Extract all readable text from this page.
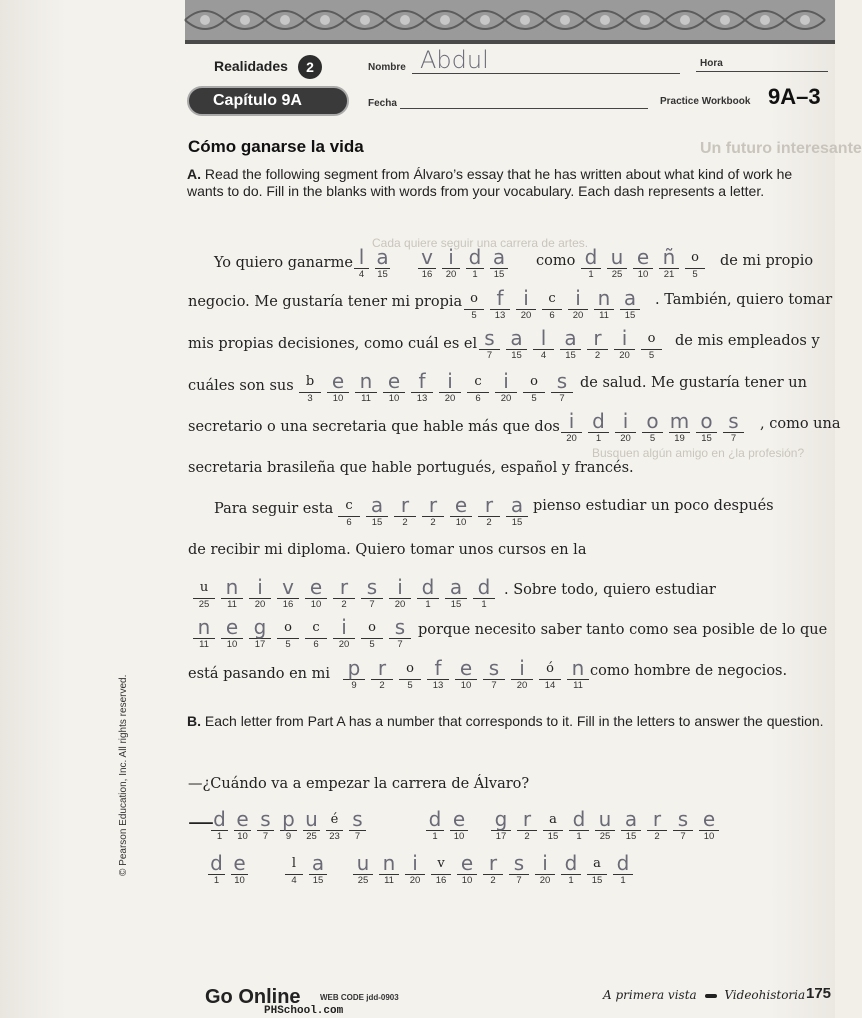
Un futuro interesante
Cada quiere seguir una carrera de artes.
Busquen algún amigo en ¿la profesión?
Realidades	2
Capítulo 9A
Nombre Abdul	Hora
Fecha	Practice Workbook 9A–3
Cómo ganarse la vida
A. Read the following segment from Álvaro’s essay that he has written about what kind of work he wants to do. Fill in the blanks with words from your vocabulary. Each dash represents a letter.
Yo quiero ganarme	como	de mi propio
negocio. Me gustaría tener mi propia	. También, quiero tomar
mis propias decisiones, como cuál es el	de mis empleados y
cuáles son sus	de salud. Me gustaría tener un
secretario o una secretaria que hable más que dos	, como una
secretaria brasileña que hable portugués, español y francés.
Para seguir esta	pienso estudiar un poco después
de recibir mi diploma. Quiero tomar unos cursos en la
. Sobre todo, quiero estudiar
porque necesito saber tanto como sea posible de lo que
está pasando en mi	como hombre de negocios.
l
4
a
15
v
16
i
20
d
1
a
15
d
1
u
25
e
10
ñ
21
o
5
o
5
f
13
i
20
c
6
i
20
n
11
a
15
s
7
a
15
l
4
a
15
r
2
i
20
o
5
b
3
e
10
n
11
e
10
f
13
i
20
c
6
i
20
o
5
s
7
i
20
d
1
i
20
o
5
m
19
o
15
s
7
c
6
a
15
r
2
r
2
e
10
r
2
a
15
u
25
n
11
i
20
v
16
e
10
r
2
s
7
i
20
d
1
a
15
d
1
n
11
e
10
g
17
o
5
c
6
i
20
o
5
s
7
p
9
r
2
o
5
f
13
e
10
s
7
i
20
ó
14
n
11
B. Each letter from Part A has a number that corresponds to it. Fill in the letters to answer the question.
—¿Cuándo va a empezar la carrera de Álvaro?
— d
1
e
10
s
7
p
9
u
25
é
23
s
7
d
1
e
10
g
17
r
2
a
15
d
1
u
25
a
15
r
2
s
7
e
10
d
1
e
10
l
4
a
15
u
25
n
11
i
20
v
16
e
10
r
2
s
7
i
20
d
1
a
15
d
1
© Pearson Education, Inc. All rights reserved.
Go Online WEB CODE jdd-0903
PHSchool.com
A primera vista Videohistoria 175
